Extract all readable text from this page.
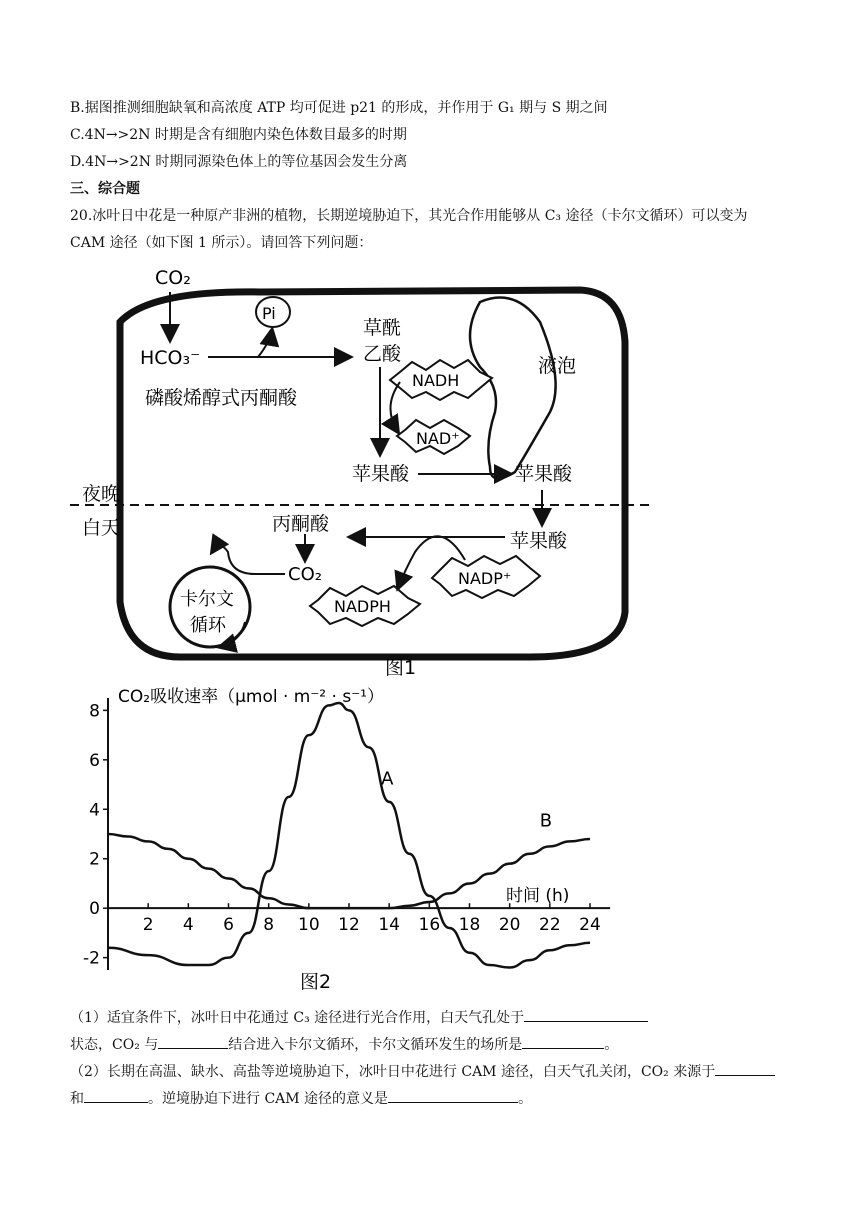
B.据图推测细胞缺氧和高浓度 ATP 均可促进 p21 的形成，并作用于 G₁ 期与 S 期之间
C.4N→>2N 时期是含有细胞内染色体数目最多的时期
D.4N→>2N 时期同源染色体上的等位基因会发生分离
三、综合题
20.冰叶日中花是一种原产非洲的植物，长期逆境胁迫下，其光合作用能够从 C₃ 途径（卡尔文循环）可以变为
CAM 途径（如下图 1 所示）。请回答下列问题：
CO₂
Pi
HCO₃⁻
磷酸烯醇式丙酮酸
草酰
乙酸
液泡
NADH
NAD⁺
苹果酸	苹果酸
夜晚
白天
苹果酸
丙酮酸
CO₂	NADP⁺
NADPH
卡尔文
循环
图1
CO₂吸收速率（μmol · m⁻² · s⁻¹）
时间 (h)
图2
-2
0
2
4
6
8
2 4 6 8 10 12 14 16 18 20 22 24
A
B
（1）适宜条件下，冰叶日中花通过 C₃ 途径进行光合作用，白天气孔处于
状态，CO₂ 与	结合进入卡尔文循环，卡尔文循环发生的场所是	。
（2）长期在高温、缺水、高盐等逆境胁迫下，冰叶日中花进行 CAM 途径，白天气孔关闭，CO₂ 来源于
和	。逆境胁迫下进行 CAM 途径的意义是	。
